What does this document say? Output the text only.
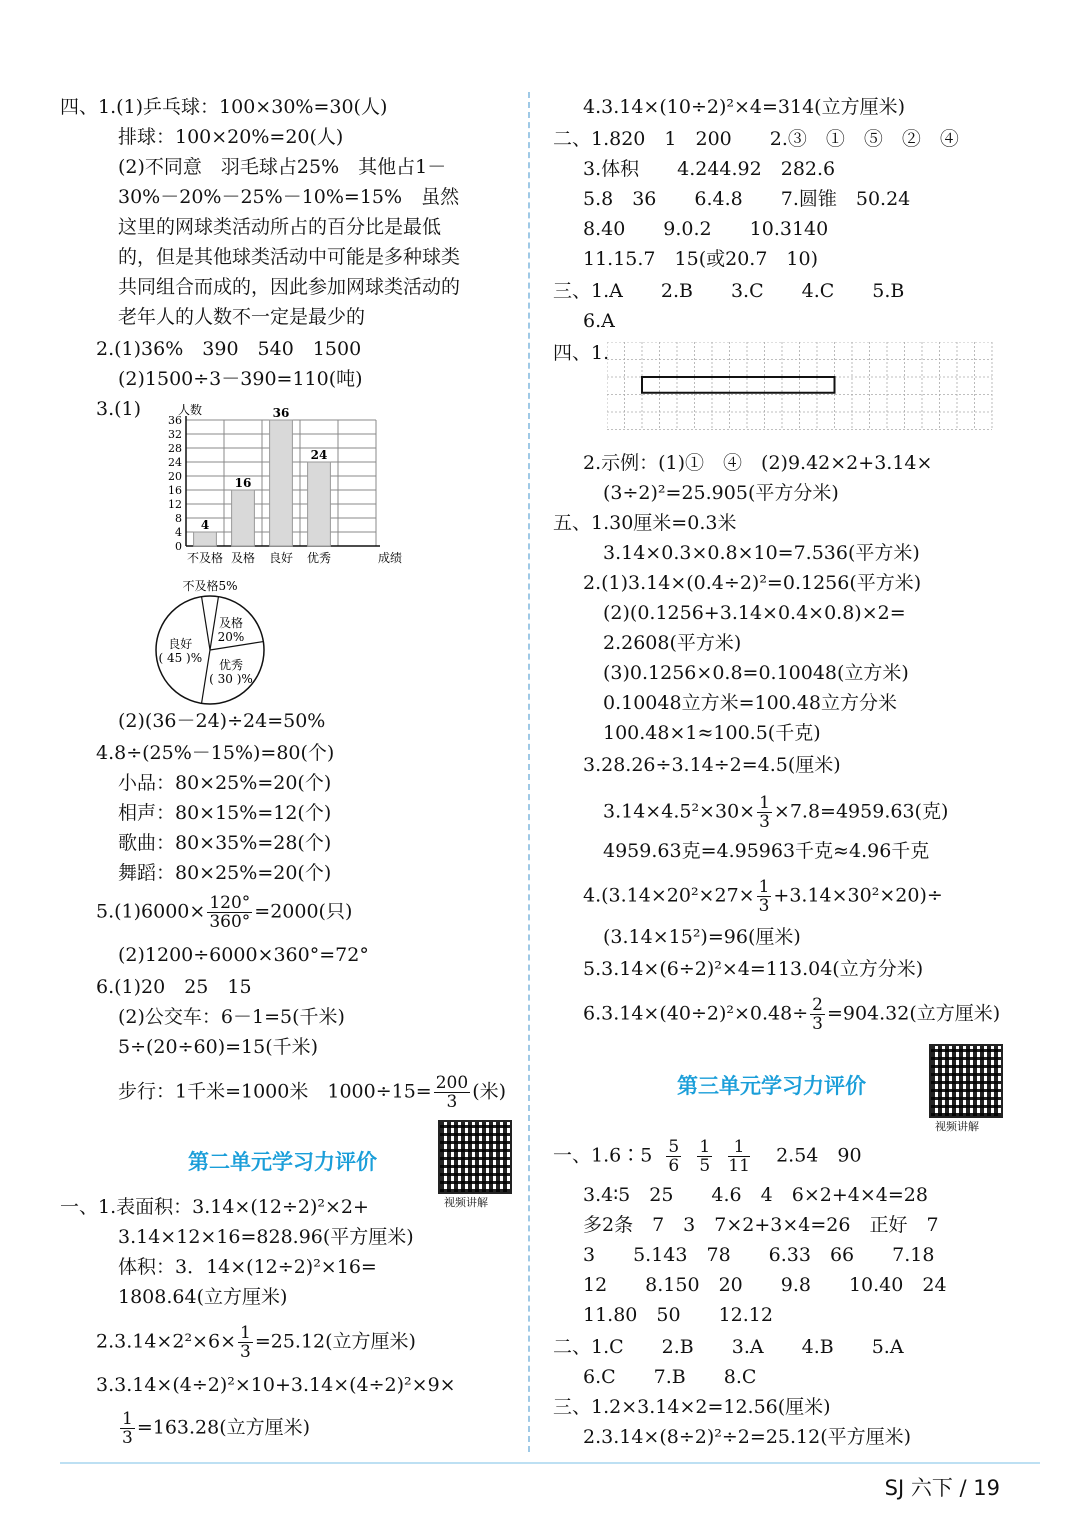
四、1.(1)乒乓球：100×30%=30(人)
排球：100×20%=20(人)
(2)不同意　羽毛球占25%　其他占1－
30%－20%－25%－10%=15%　虽然
这里的网球类活动所占的百分比是最低
的，但是其他球类活动中可能是多种球类
共同组合而成的，因此参加网球类活动的
老年人的人数不一定是最少的
2.(1)36%　390　540　1500
(2)1500÷3－390=110(吨)
3.(1)
0
4
8
12
16
20
24
28
32
36
人数
成绩
4
不及格
16
及格
36
良好
24
优秀
不及格5%
及格
20%
优秀
( 30 )%
良好
( 45 )%
(2)(36－24)÷24=50%
4.8÷(25%－15%)=80(个)
小品：80×25%=20(个)
相声：80×15%=12(个)
歌曲：80×35%=28(个)
舞蹈：80×25%=20(个)
$5.(1)6000\times \frac{120^\circ}{360^\circ} =2000$(只)
(2)1200÷6000×360°=72°
6.(1)20　25　15
(2)公交车：6－1=5(千米)
5÷(20÷60)=15(千米)
步行：1千米=1000米　$1000\div 15= \frac{200}{3}$ (米)
第二单元学习力评价
视频讲解
一、1.表面积：3.14×(12÷2)²×2+
3.14×12×16=828.96(平方厘米)
体积：3．14×(12÷2)²×16=
1808.64(立方厘米)
$2.3.14\times 2^2\times 6\times \frac{1}{3} =25.12$(立方厘米)
3.3.14×(4÷2)²×10+3.14×(4÷2)²×9×
$\frac{1}{3} =163.28$(立方厘米)
4.3.14×(10÷2)²×4=314(立方厘米)
二、1.820　1　200　　2.③　①　⑤　②　④
3.体积　　4.244.92　282.6
5.8　36　　6.4.8　　7.圆锥　50.24
8.40　　9.0.2　　10.3140
11.15.7　15(或20.7　10)
三、1.A　　2.B　　3.C　　4.C　　5.B
6.A
四、1.
2.示例：(1)①　④　(2)9.42×2+3.14×
(3÷2)²=25.905(平方分米)
五、1.30厘米=0.3米
3.14×0.3×0.8×10=7.536(平方米)
2.(1)3.14×(0.4÷2)²=0.1256(平方米)
(2)(0.1256+3.14×0.4×0.8)×2=
2.2608(平方米)
(3)0.1256×0.8=0.10048(立方米)
0.10048立方米=100.48立方分米
100.48×1≈100.5(千克)
3.28.26÷3.14÷2=4.5(厘米)
$3.14\times 4.5^2\times 30\times \frac{1}{3} \times 7.8=4959.63$(克)
4959.63克=4.95963千克≈4.96千克
$4.(3.14\times 20^2\times 27\times \frac{1}{3} +3.14\times 30^2\times 20)\div$
(3.14×15²)=96(厘米)
5.3.14×(6÷2)²×4=113.04(立方分米)
$6.3.14\times(40\div 2)^2\times 0.48\div \frac{2}{3} =904.32$(立方厘米)
第三单元学习力评价
视频讲解
一、1.6∶5 $\frac{5}{6}$
$\frac{1}{5}$
$\frac{1}{11} 2.54$　90
3.4∶5　25　　4.6　4　6×2+4×4=28
多2条　7　3　7×2+3×4=26　正好　7
3　　5.143　78　　6.33　66　　7.18
12　　8.150　20　　9.8　　10.40　24
11.80　50　　12.12
二、1.C　　2.B　　3.A　　4.B　　5.A
6.C　　7.B　　8.C
三、1.2×3.14×2=12.56(厘米)
2.3.14×(8÷2)²÷2=25.12(平方厘米)
SJ 六下 / 19
